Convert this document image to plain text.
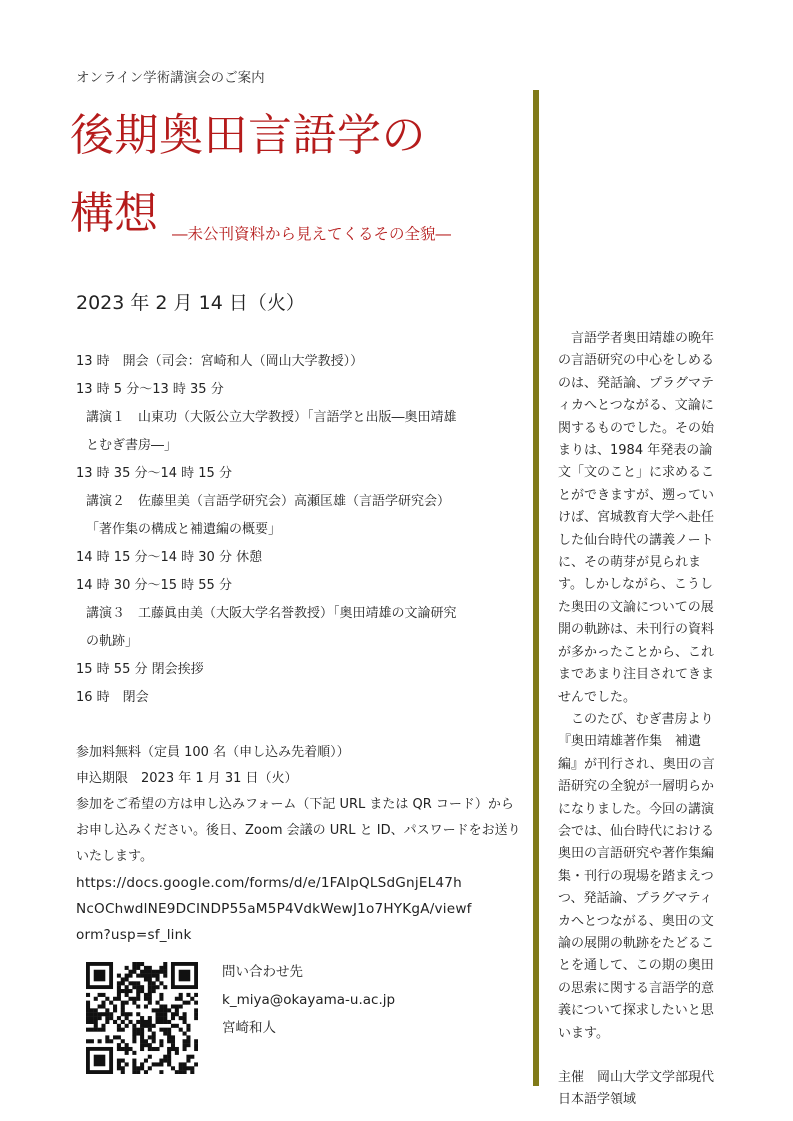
オンライン学術講演会のご案内
後期奥田言語学の
構想 ―未公刊資料から見えてくるその全貌―
2023 年 2 月 14 日（火）
13 時　開会（司会：宮崎和人（岡山大学教授））
13 時 5 分〜13 時 35 分
講演１　山東功（大阪公立大学教授）「言語学と出版―奥田靖雄
とむぎ書房―」
13 時 35 分〜14 時 15 分
講演２　佐藤里美（言語学研究会）高瀬匡雄（言語学研究会）
「著作集の構成と補遺編の概要」
14 時 15 分〜14 時 30 分 休憩
14 時 30 分〜15 時 55 分
講演３　工藤眞由美（大阪大学名誉教授）「奥田靖雄の文論研究
の軌跡」
15 時 55 分 閉会挨拶
16 時　閉会
参加料無料（定員 100 名（申し込み先着順））
申込期限　2023 年 1 月 31 日（火）
参加をご希望の方は申し込みフォーム（下記 URL または QR コード）からお申し込みください。後日、Zoom 会議の URL と ID、パスワードをお送りいたします。
https://docs.google.com/forms/d/e/1FAIpQLSdGnjEL47h
NcOChwdlNE9DCINDP55aM5P4VdkWewJ1o7HYKgA/viewf
orm?usp=sf_link
問い合わせ先
k_miya@okayama-u.ac.jp
宮崎和人
　言語学者奥田靖雄の晩年の言語研究の中心をしめるのは、発話論、プラグマティカへとつながる、文論に関するものでした。その始まりは、1984 年発表の論文「文のこと」に求めることができますが、遡っていけば、宮城教育大学へ赴任した仙台時代の講義ノートに、その萌芽が見られます。しかしながら、こうした奥田の文論についての展開の軌跡は、未刊行の資料が多かったことから、これまであまり注目されてきませんでした。
　このたび、むぎ書房より『奥田靖雄著作集　補遺編』が刊行され、奥田の言語研究の全貌が一層明らかになりました。今回の講演会では、仙台時代における奥田の言語研究や著作集編集・刊行の現場を踏まえつつ、発話論、プラグマティカへとつながる、奥田の文論の展開の軌跡をたどることを通して、この期の奥田の思索に関する言語学的意義について探求したいと思います。
主催　岡山大学文学部現代日本語学領域
